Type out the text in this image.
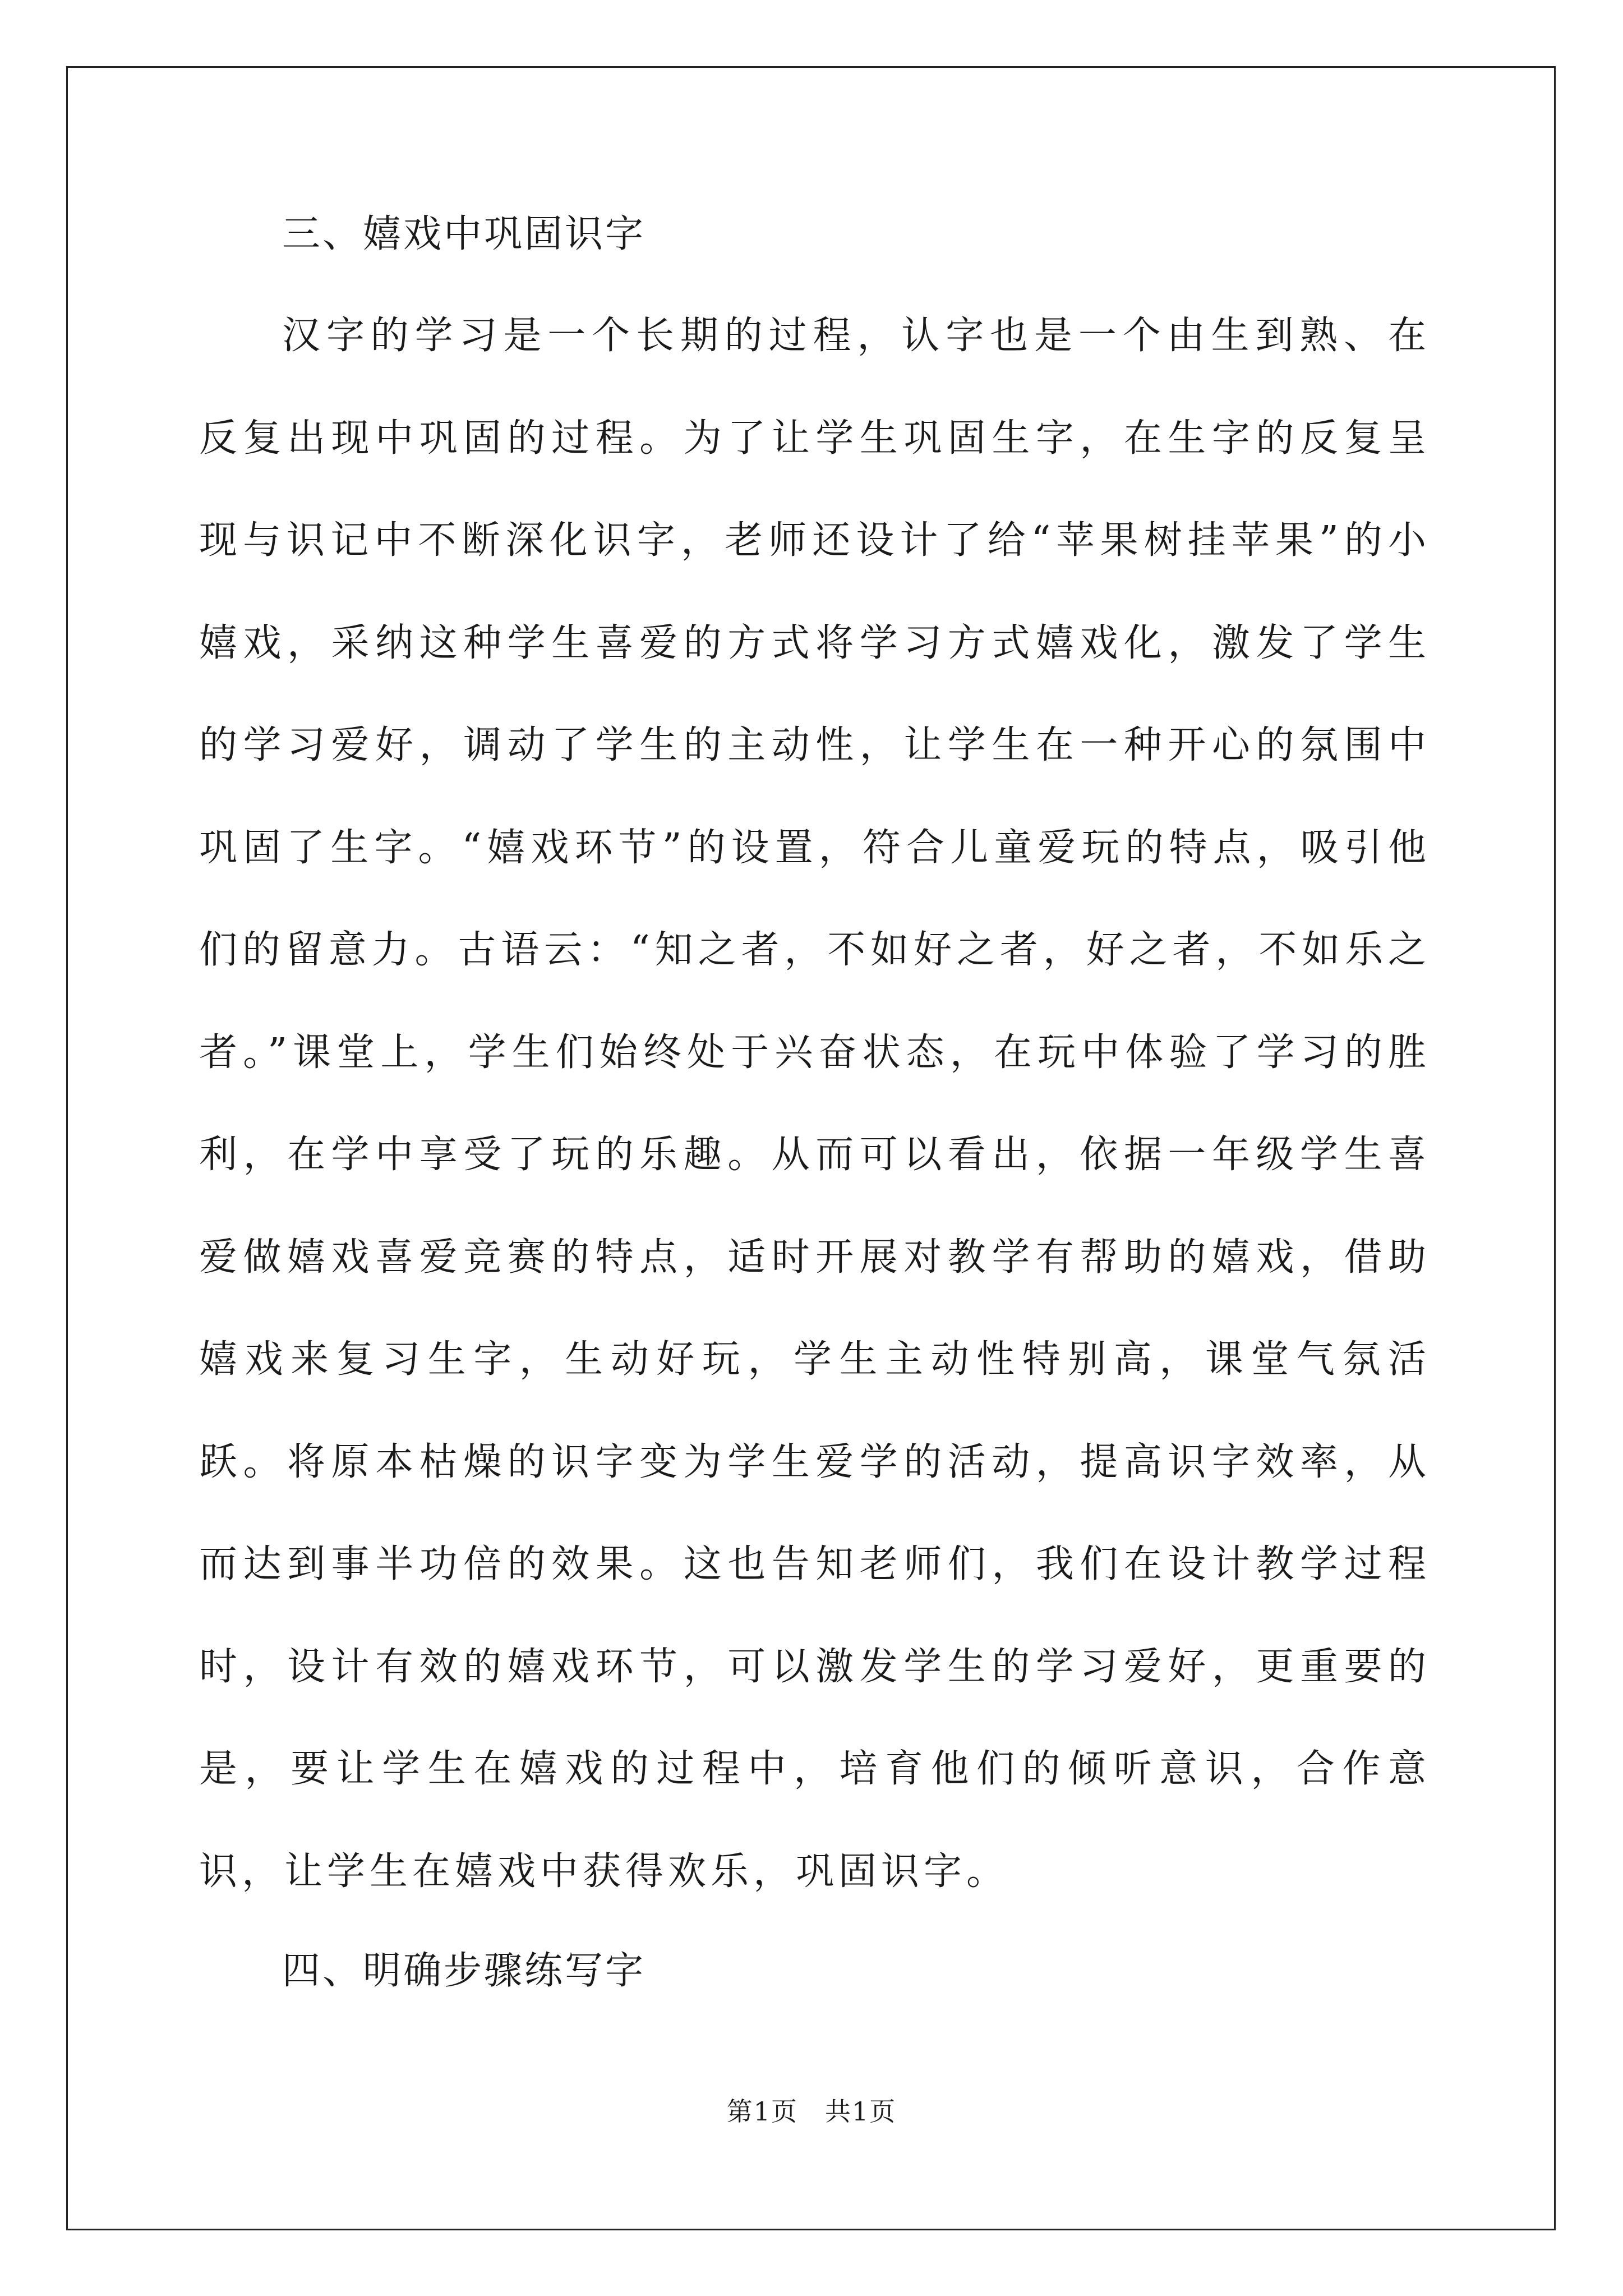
三、嬉戏中巩固识字

汉字的学习是一个长期的过程，认字也是一个由生到熟、在反复出现中巩固的过程。为了让学生巩固生字，在生字的反复呈现与识记中不断深化识字，老师还设计了给“苹果树挂苹果”的小嬉戏，采纳这种学生喜爱的方式将学习方式嬉戏化，激发了学生的学习爱好，调动了学生的主动性，让学生在一种开心的氛围中巩固了生字。“嬉戏环节”的设置，符合儿童爱玩的特点，吸引他们的留意力。古语云：“知之者，不如好之者，好之者，不如乐之者。”课堂上，学生们始终处于兴奋状态，在玩中体验了学习的胜利，在学中享受了玩的乐趣。从而可以看出，依据一年级学生喜爱做嬉戏喜爱竞赛的特点，适时开展对教学有帮助的嬉戏，借助嬉戏来复习生字，生动好玩，学生主动性特别高，课堂气氛活跃。将原本枯燥的识字变为学生爱学的活动，提高识字效率，从而达到事半功倍的效果。这也告知老师们，我们在设计教学过程时，设计有效的嬉戏环节，可以激发学生的学习爱好，更重要的是，要让学生在嬉戏的过程中，培育他们的倾听意识，合作意识，让学生在嬉戏中获得欢乐，巩固识字。

四、明确步骤练写字

第1页　共1页
